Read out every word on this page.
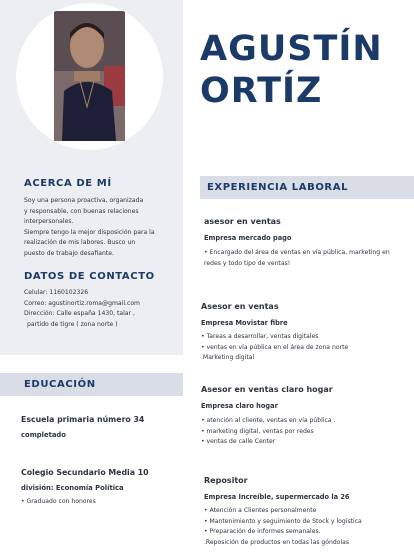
AGUSTÍN
ORTÍZ
ACERCA DE MÍ
Soy una persona proactiva, organizada
y responsable, con buenas relaciones
interpersonales.
Siempre tengo la mejor disposición para la
realización de mis labores. Busco un
puesto de trabajo desafiante.
DATOS DE CONTACTO
Celular: 1160102326
Correo: agustinortiz.roma@gmail.com
Dirección: Calle españa 1430, talar ,
partido de tigre ( zona norte )
EDUCACIÓN
Escuela primaria número 34
completado
Colegio Secundario Media 10
división: Economía Política
• Graduado con honores
EXPERIENCIA LABORAL
asesor en ventas
Empresa mercado pago
• Encargado del área de ventas en vía pública, marketing en
redes y todo tipo de ventas!
Asesor en ventas
Empresa Movistar fibre
• Tareas a desarrollar, ventas digitales
• ventas en vía pública en el área de zona norte
.Marketing digital
Asesor en ventas claro hogar
Empresa claro hogar
• atención al cliente, ventas en vía pública .
• marketing digital, ventas por redes
• ventas de calle Center
Repositor
Empresa Increíble, supermercado la 26
• Atención a Clientes personalmente
• Mantenimiento y seguimiento de Stock y logística
• Preparación de informes semanales.
.Reposición de productos en todas las góndolas
